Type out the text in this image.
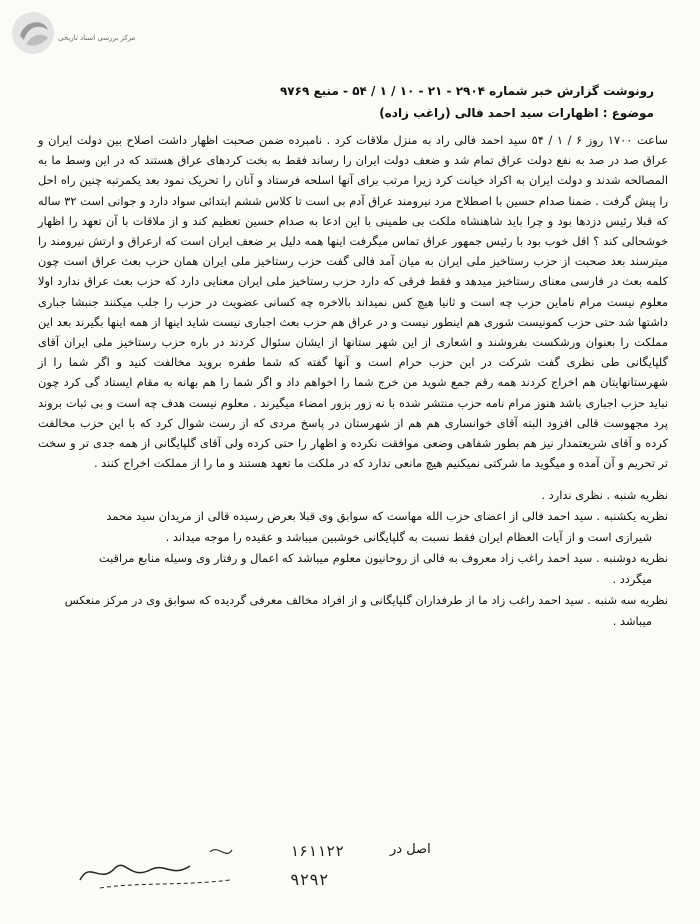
مرکز بررسی اسناد تاریخی
رونوشت گزارش خبر شماره ۲۹۰۴ - ۲۱ - ۱۰ / ۱ / ۵۴ - منبع ۹۷۶۹
موضوع : اظهارات سید احمد فالی (راغب زاده)
ساعت ۱۷۰۰ روز ۶ / ۱ / ۵۴ سید احمد فالی راد به منزل ملاقات کرد . نامبرده ضمن صحبت اظهار داشت اصلاح بین دولت ایران و عراق صد در صد به نفع دولت عراق تمام شد و ضعف دولت ایران را رساند فقط به بخت کردهای عراق هستند که در این وسط ما به المصالحه شدند و دولت ایران به اکراد خیانت کرد زیرا مرتب برای آنها اسلحه فرستاد و آنان را تحریک نمود بعد یکمرتبه چنین راه احل را پیش گرفت . ضمنا صدام حسین با اصطلاح مرد نیرومند عراق آدم بی است تا کلاس ششم ابتدائی سواد دارد و جوانی است ۳۲ ساله که قبلا رئیس دزدها بود و چرا باید شاهنشاه ملکت بی طمینی با این ادعا به صدام حسین تعظیم کند و از ملاقات با آن تعهد را اظهار خوشحالی کند ؟ اقل خوب بود با رئیس جمهور عراق تماس میگرفت اینها همه دلیل بر ضعف ایران است که ارعراق و ارتش نیرومند را میترسند بعد صحبت از حزب رستاخیز ملی ایران به میان آمد فالی گفت حزب رستاخیز ملی ایران همان حزب بعث عراق است چون کلمه بعث در فارسی معنای رستاخیز میدهد و فقط فرقی که دارد حزب رستاخیز ملی ایران معنایی دارد که حزب بعث عراق ندارد اولا معلوم نیست مرام ناماین حزب چه است و ثانیا هیچ کس نمیداند بالاخره چه کسانی عضویت در حزب را جلب میکنند جنبشا جباری داشتها شد حتی حزب کمونیست شوری هم اینطور نیست و در عراق هم حزب بعث اجباری نیست شاید اینها از همه اینها بگیرند بعد این مملکت را بعنوان ورشکست بفروشند و اشعاری از این شهر ستانها از ایشان سئوال کردند در باره حزب رستاخیز ملی ایران آقای گلپایگانی طی نظری گفت شرکت در این حزب حرام است و آنها گفته که شما طفره بروید مخالفت کنید و اگر شما را از شهرستانهایتان هم اخراج کردند همه رقم جمع شوید من خرج شما را اخواهم داد و اگر شما را هم بهانه به مقام ایستاد گی کرد چون نباید حزب اجباری باشد هنوز مرام نامه حزب منتشر شده با نه زور بزور امضاء میگیرند . معلوم نیست هدف چه است و بی ثبات بروند پرد مجهوست قالی افزود البته آقای خوانساری هم هم از شهرستان در پاسخ مردی که از رست شوال کرد که با این حزب مخالفت کرده و آقای شریعتمدار نیز هم بطور شفاهی وضعی موافقت نکرده و اظهار را حتی کرده ولی آقای گلپایگانی از همه جدی تر و سخت تر تحریم و آن آمده و میگوید ما شرکتی نمیکنیم هیچ مانعی ندارد که در ملکت ما تعهد هستند و ما را از مملکت اخراج کنند .
نظریه شنبه . نظری ندارد .
نظریه یکشنبه . سید احمد فالی از اعضای حزب الله مهاست که سوابق وی قبلا بعرض رسیده قالی از مریدان سید محمد
شیرازی است و از آیات العظام ایران فقط نسبت به گلپایگانی خوشبین میباشد و عقیده را موجه میداند .
نظریه دوشنبه . سید احمد راغب زاد معروف به فالی از روحانیون معلوم میباشد که اعمال و رفتار وی وسیله منابع مراقبت
میگردد .
نظریه سه شنبه . سید احمد راغب زاد ما از طرفداران گلپایگانی و از افراد مخالف معرفی گردیده که سوابق وی در مرکز منعکس
میباشد .
اصل در
۱۶۱۱۲۲
۹۲۹۲
